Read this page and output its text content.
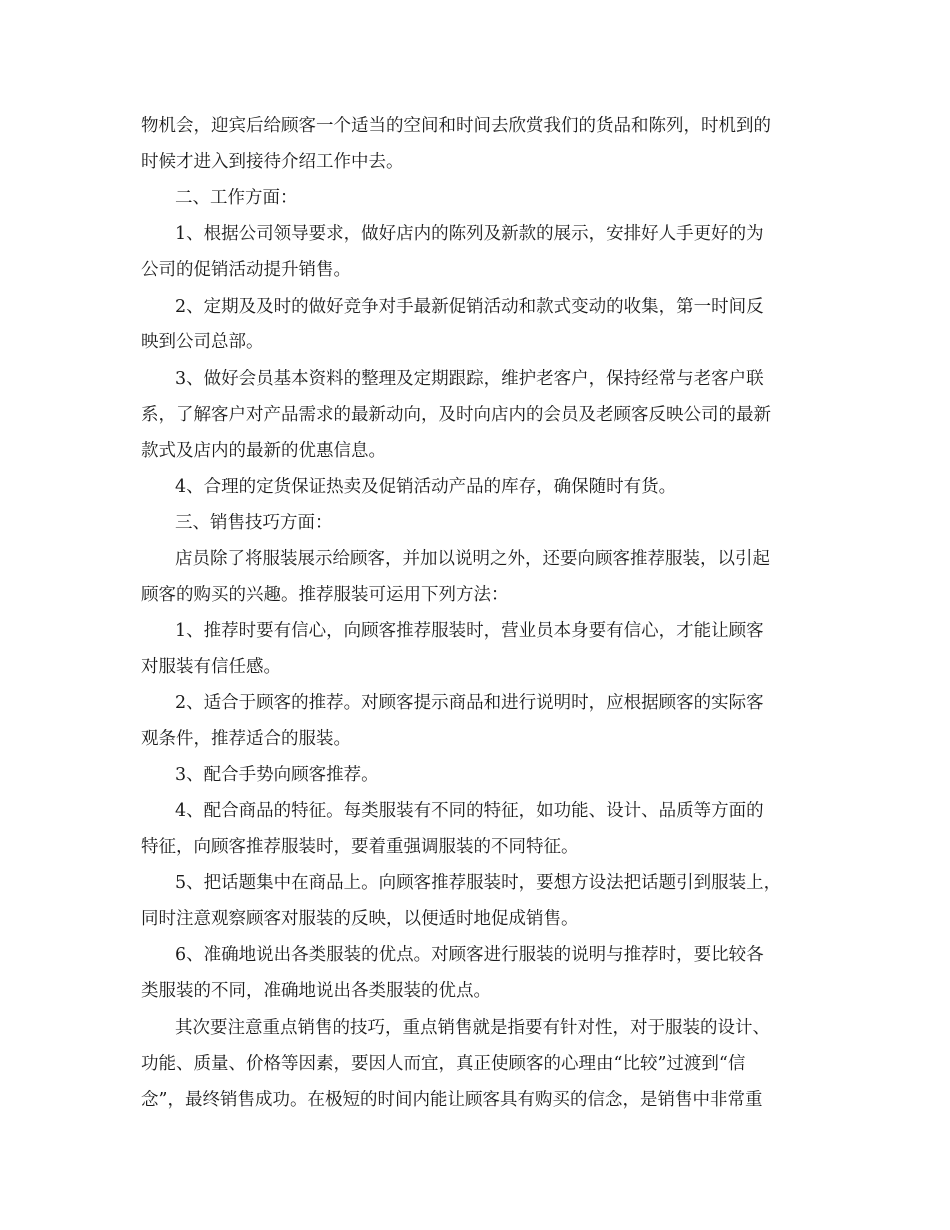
物机会，迎宾后给顾客一个适当的空间和时间去欣赏我们的货品和陈列，时机到的
时候才进入到接待介绍工作中去。
二、工作方面：
1、根据公司领导要求，做好店内的陈列及新款的展示，安排好人手更好的为
公司的促销活动提升销售。
2、定期及及时的做好竞争对手最新促销活动和款式变动的收集，第一时间反
映到公司总部。
3、做好会员基本资料的整理及定期跟踪，维护老客户，保持经常与老客户联
系，了解客户对产品需求的最新动向，及时向店内的会员及老顾客反映公司的最新
款式及店内的最新的优惠信息。
4、合理的定货保证热卖及促销活动产品的库存，确保随时有货。
三、销售技巧方面：
店员除了将服装展示给顾客，并加以说明之外，还要向顾客推荐服装，以引起
顾客的购买的兴趣。推荐服装可运用下列方法：
1、推荐时要有信心，向顾客推荐服装时，营业员本身要有信心，才能让顾客
对服装有信任感。
2、适合于顾客的推荐。对顾客提示商品和进行说明时，应根据顾客的实际客
观条件，推荐适合的服装。
3、配合手势向顾客推荐。
4、配合商品的特征。每类服装有不同的特征，如功能、设计、品质等方面的
特征，向顾客推荐服装时，要着重强调服装的不同特征。
5、把话题集中在商品上。向顾客推荐服装时，要想方设法把话题引到服装上，
同时注意观察顾客对服装的反映，以便适时地促成销售。
6、准确地说出各类服装的优点。对顾客进行服装的说明与推荐时，要比较各
类服装的不同，准确地说出各类服装的优点。
其次要注意重点销售的技巧，重点销售就是指要有针对性，对于服装的设计、
功能、质量、价格等因素，要因人而宜，真正使顾客的心理由“比较”过渡到“信
念”，最终销售成功。在极短的时间内能让顾客具有购买的信念，是销售中非常重
